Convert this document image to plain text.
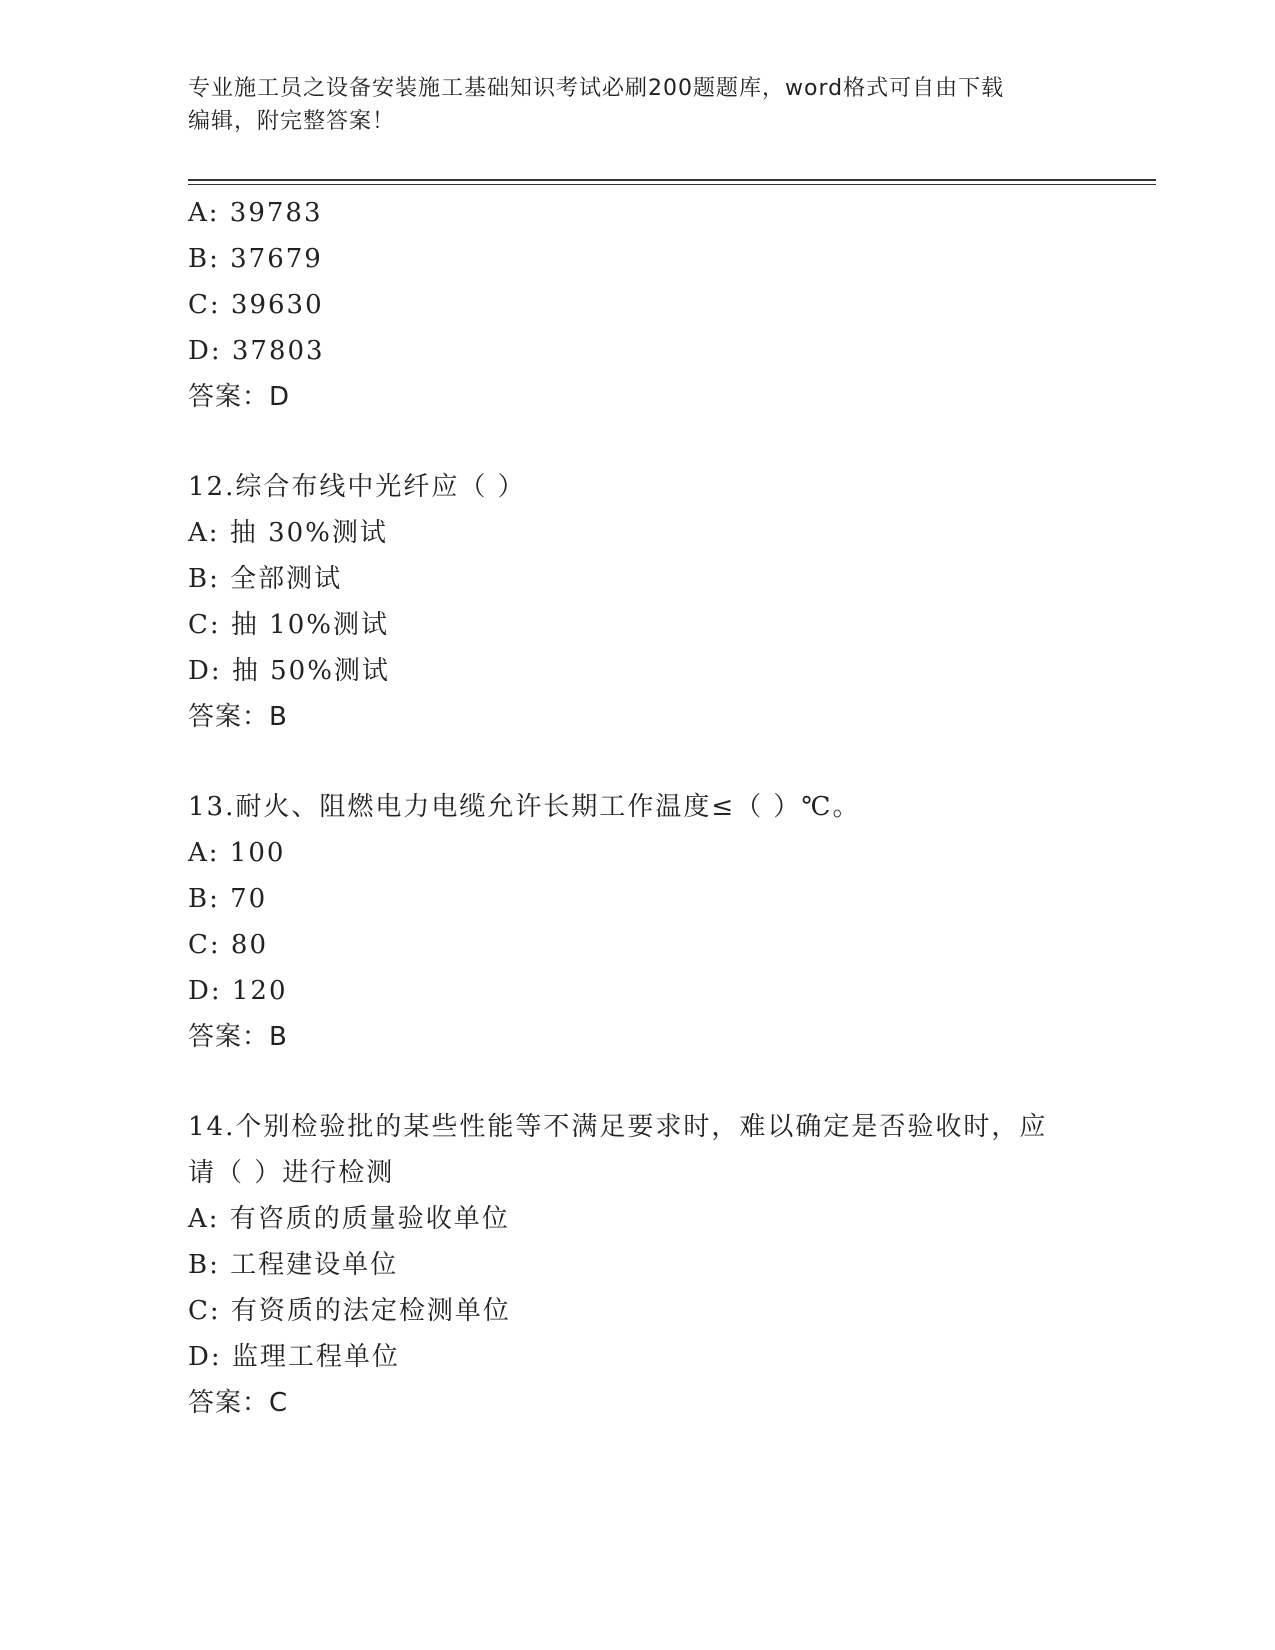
专业施工员之设备安装施工基础知识考试必刷200题题库，word格式可自由下载
编辑，附完整答案！
A: 39783
B: 37679
C: 39630
D: 37803
答案：D
12.综合布线中光纤应（ ）
A: 抽 30%测试
B: 全部测试
C: 抽 10%测试
D: 抽 50%测试
答案：B
13.耐火、阻燃电力电缆允许长期工作温度≤（ ）℃。
A: 100
B: 70
C: 80
D: 120
答案：B
14.个别检验批的某些性能等不满足要求时，难以确定是否验收时，应
请（ ）进行检测
A: 有咨质的质量验收单位
B: 工程建设单位
C: 有资质的法定检测单位
D: 监理工程单位
答案：C
